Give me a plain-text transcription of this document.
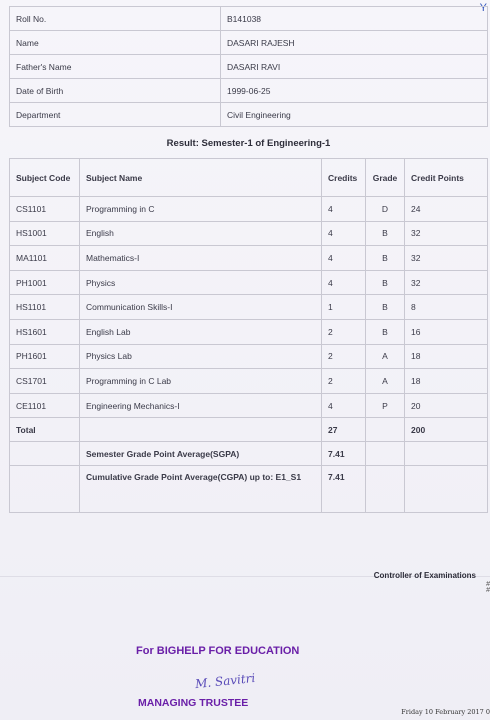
Y
Roll No.	B141038
Name	DASARI RAJESH
Father's Name	DASARI RAVI
Date of Birth	1999-06-25
Department	Civil Engineering
Result: Semester-1 of Engineering-1
Subject Code	Subject Name	Credits	Grade	Credit Points
CS1101	Programming in C	4	D	24
HS1001	English	4	B	32
MA1101	Mathematics-I	4	B	32
PH1001	Physics	4	B	32
HS1101	Communication Skills-I	1	B	8
HS1601	English Lab	2	B	16
PH1601	Physics Lab	2	A	18
CS1701	Programming in C Lab	2	A	18
CE1101	Engineering Mechanics-I	4	P	20
Total		27		200
	Semester Grade Point Average(SGPA)	7.41		
	Cumulative Grade Point Average(CGPA) up to: E1_S1	7.41		
Controller of Examinations
#
#
For BIGHELP FOR EDUCATION
M. Savitri
MANAGING TRUSTEE
Friday 10 February 2017 0
